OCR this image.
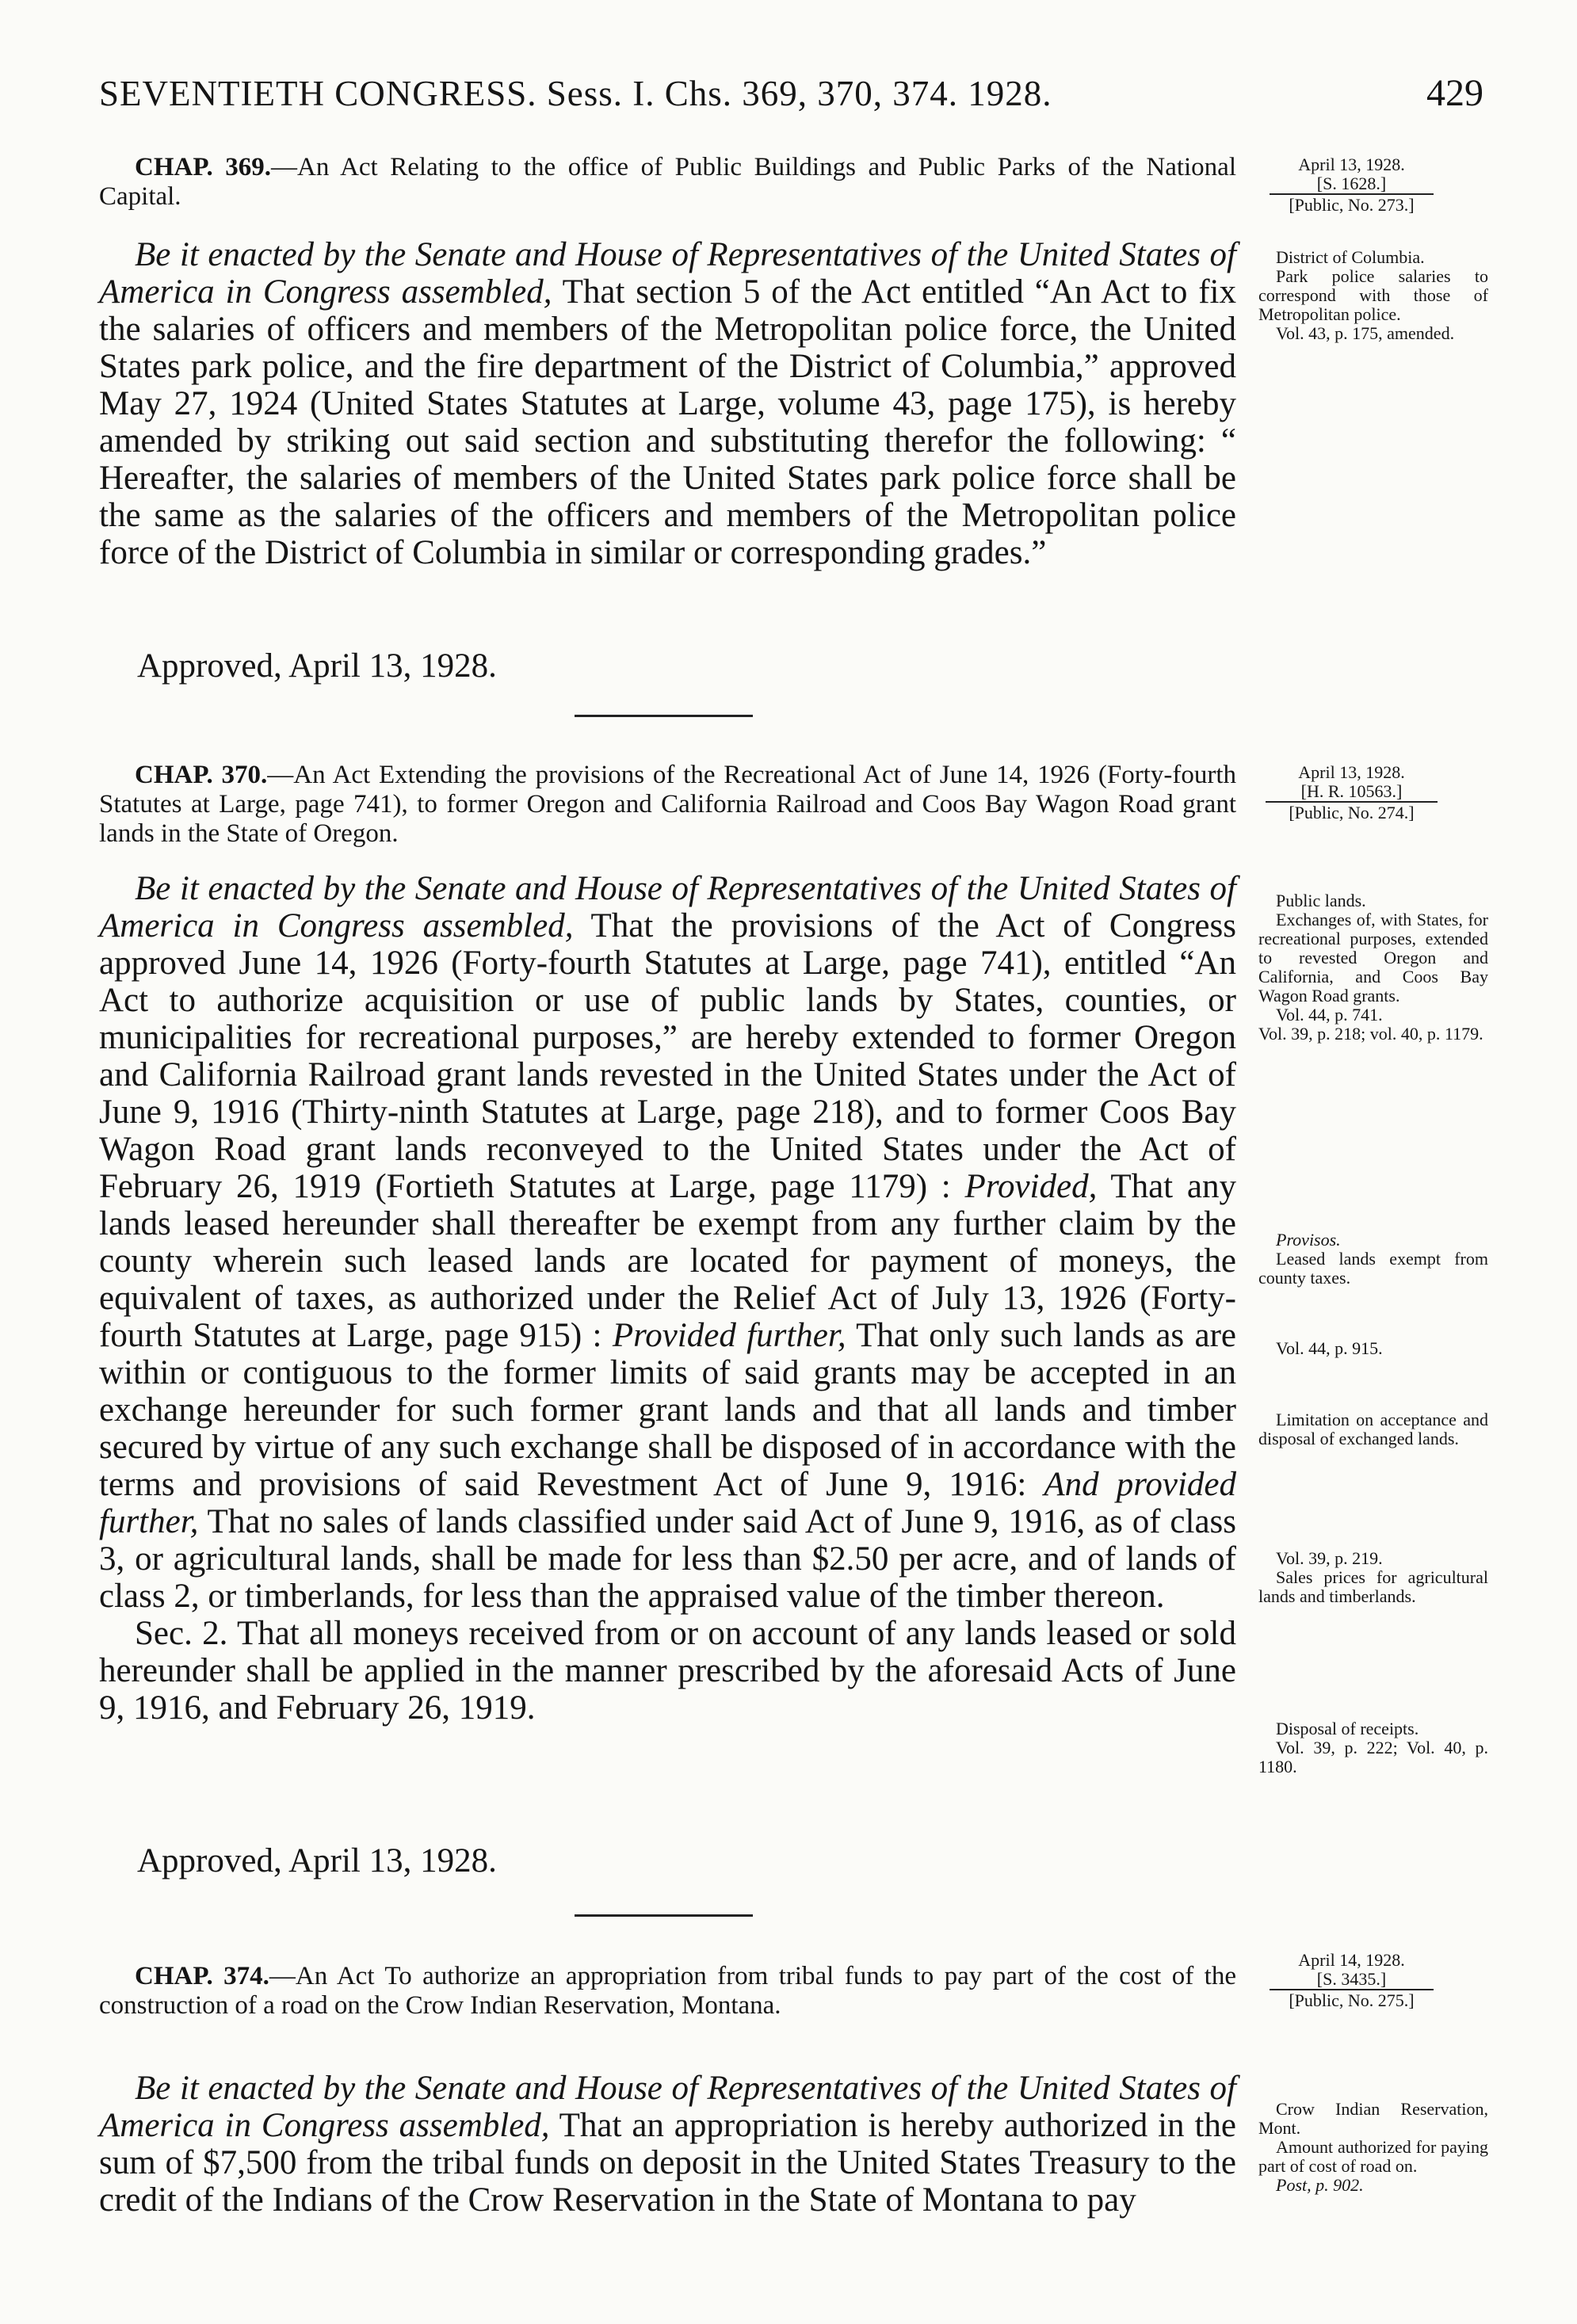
SEVENTIETH CONGRESS. Sess. I. Chs. 369, 370, 374. 1928.	429
CHAP. 369.—An Act Relating to the office of Public Buildings and Public Parks of the National Capital.

Be it enacted by the Senate and House of Representatives of the United States of America in Congress assembled, That section 5 of the Act entitled “An Act to fix the salaries of officers and members of the Metropolitan police force, the United States park police, and the fire department of the District of Columbia,” approved May 27, 1924 (United States Statutes at Large, volume 43, page 175), is hereby amended by striking out said section and substituting therefor the following: “ Hereafter, the salaries of members of the United States park police force shall be the same as the salaries of the officers and members of the Metropolitan police force of the District of Columbia in similar or corresponding grades.”

Approved, April 13, 1928.
April 13, 1928.
[S. 1628.]
[Public, No. 273.]
District of Columbia.
Park police salaries to correspond with those of Metropolitan police.
Vol. 43, p. 175, amended.
CHAP. 370.—An Act Extending the provisions of the Recreational Act of June 14, 1926 (Forty-fourth Statutes at Large, page 741), to former Oregon and California Railroad and Coos Bay Wagon Road grant lands in the State of Oregon.

Be it enacted by the Senate and House of Representatives of the United States of America in Congress assembled, That the provisions of the Act of Congress approved June 14, 1926 (Forty-fourth Statutes at Large, page 741), entitled “An Act to authorize acquisition or use of public lands by States, counties, or municipalities for recreational purposes,” are hereby extended to former Oregon and California Railroad grant lands revested in the United States under the Act of June 9, 1916 (Thirty-ninth Statutes at Large, page 218), and to former Coos Bay Wagon Road grant lands reconveyed to the United States under the Act of February 26, 1919 (Fortieth Statutes at Large, page 1179) : Provided, That any lands leased hereunder shall thereafter be exempt from any further claim by the county wherein such leased lands are located for payment of moneys, the equivalent of taxes, as authorized under the Relief Act of July 13, 1926 (Forty-fourth Statutes at Large, page 915) : Provided further, That only such lands as are within or contiguous to the former limits of said grants may be accepted in an exchange hereunder for such former grant lands and that all lands and timber secured by virtue of any such exchange shall be disposed of in accordance with the terms and provisions of said Revestment Act of June 9, 1916: And provided further, That no sales of lands classified under said Act of June 9, 1916, as of class 3, or agricultural lands, shall be made for less than $2.50 per acre, and of lands of class 2, or timberlands, for less than the appraised value of the timber thereon.

Sec. 2. That all moneys received from or on account of any lands leased or sold hereunder shall be applied in the manner prescribed by the aforesaid Acts of June 9, 1916, and February 26, 1919.

Approved, April 13, 1928.
April 13, 1928.
[H. R. 10563.]
[Public, No. 274.]
Public lands.
Exchanges of, with States, for recreational purposes, extended to revested Oregon and California, and Coos Bay Wagon Road grants.
Vol. 44, p. 741.
Vol. 39, p. 218; vol. 40, p. 1179.
Provisos.
Leased lands exempt from county taxes.
Vol. 44, p. 915.
Limitation on acceptance and disposal of exchanged lands.
Vol. 39, p. 219.
Sales prices for agricultural lands and timberlands.
Disposal of receipts.
Vol. 39, p. 222; Vol. 40, p. 1180.
CHAP. 374.—An Act To authorize an appropriation from tribal funds to pay part of the cost of the construction of a road on the Crow Indian Reservation, Montana.

Be it enacted by the Senate and House of Representatives of the United States of America in Congress assembled, That an appropriation is hereby authorized in the sum of $7,500 from the tribal funds on deposit in the United States Treasury to the credit of the Indians of the Crow Reservation in the State of Montana to pay

April 14, 1928.
[S. 3435.]
[Public, No. 275.]
Crow Indian Reservation, Mont.
Amount authorized for paying part of cost of road on.
Post, p. 902.
